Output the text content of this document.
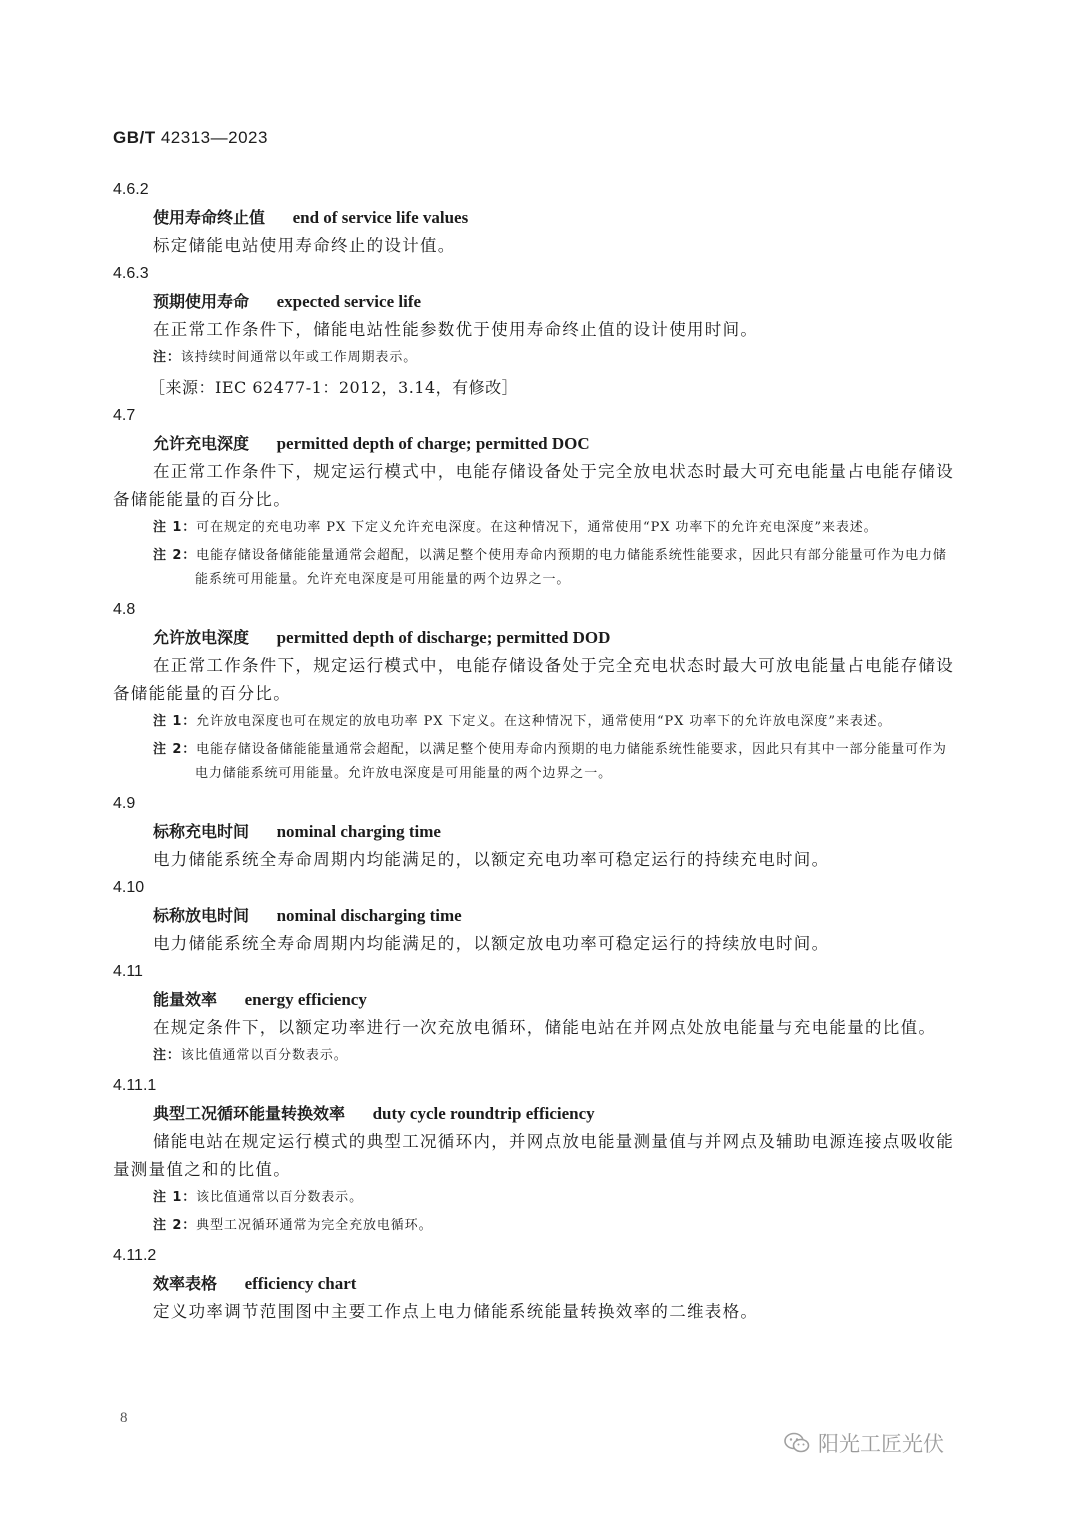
GB/T 42313—2023
4.6.2
使用寿命终止值 end of service life values

标定储能电站使用寿命终止的设计值。

4.6.3
预期使用寿命 expected service life

在正常工作条件下，储能电站性能参数优于使用寿命终止值的设计使用时间。

注：该持续时间通常以年或工作周期表示。
［来源：IEC 62477-1：2012，3.14，有修改］
4.7
允许充电深度 permitted depth of charge; permitted DOC

在正常工作条件下，规定运行模式中，电能存储设备处于完全放电状态时最大可充电能量占电能存储设备储能能量的百分比。

注 1：可在规定的充电功率 PX 下定义允许充电深度。在这种情况下，通常使用“PX 功率下的允许充电深度”来表述。
注 2：电能存储设备储能能量通常会超配，以满足整个使用寿命内预期的电力储能系统性能要求，因此只有部分能量可作为电力储能系统可用能量。允许充电深度是可用能量的两个边界之一。
4.8
允许放电深度 permitted depth of discharge; permitted DOD

在正常工作条件下，规定运行模式中，电能存储设备处于完全充电状态时最大可放电能量占电能存储设备储能能量的百分比。

注 1：允许放电深度也可在规定的放电功率 PX 下定义。在这种情况下，通常使用“PX 功率下的允许放电深度”来表述。
注 2：电能存储设备储能能量通常会超配，以满足整个使用寿命内预期的电力储能系统性能要求，因此只有其中一部分能量可作为电力储能系统可用能量。允许放电深度是可用能量的两个边界之一。
4.9
标称充电时间 nominal charging time

电力储能系统全寿命周期内均能满足的，以额定充电功率可稳定运行的持续充电时间。

4.10
标称放电时间 nominal discharging time

电力储能系统全寿命周期内均能满足的，以额定放电功率可稳定运行的持续放电时间。

4.11
能量效率 energy efficiency

在规定条件下，以额定功率进行一次充放电循环，储能电站在并网点处放电能量与充电能量的比值。

注：该比值通常以百分数表示。
4.11.1
典型工况循环能量转换效率 duty cycle roundtrip efficiency

储能电站在规定运行模式的典型工况循环内，并网点放电能量测量值与并网点及辅助电源连接点吸收能量测量值之和的比值。

注 1：该比值通常以百分数表示。
注 2：典型工况循环通常为完全充放电循环。
4.11.2
效率表格 efficiency chart

定义功率调节范围图中主要工作点上电力储能系统能量转换效率的二维表格。

8
阳光工匠光伏
